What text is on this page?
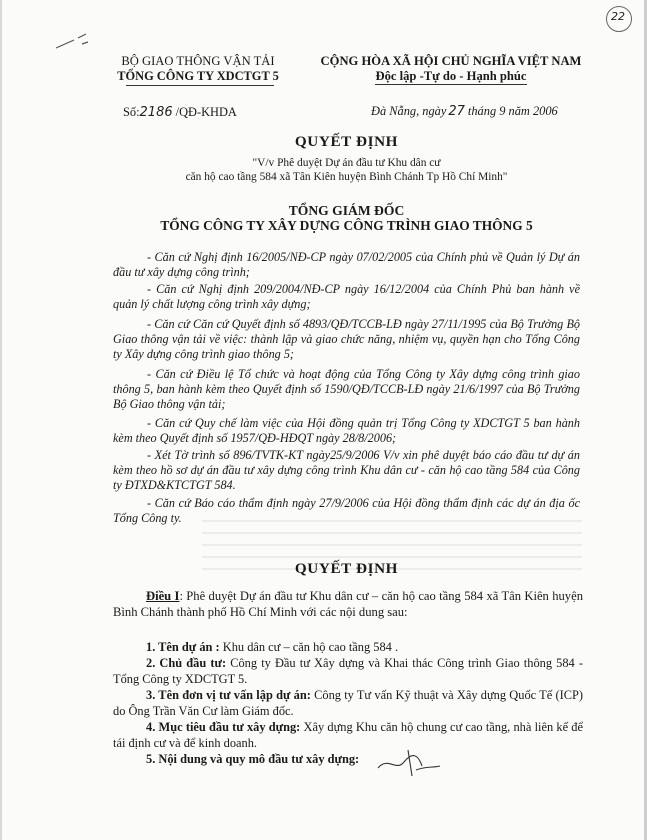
22
BỘ GIAO THÔNG VẬN TẢI
TỔNG CÔNG TY XDCTGT 5
Số:2186 /QĐ-KHDA
CỘNG HÒA XÃ HỘI CHỦ NGHĨA VIỆT NAM
Độc lập -Tự do - Hạnh phúc
Đà Nẵng, ngày 27 tháng 9 năm 2006
QUYẾT ĐỊNH
"V/v Phê duyệt Dự án đầu tư Khu dân cư
căn hộ cao tầng 584 xã Tân Kiên huyện Bình Chánh Tp Hồ Chí Minh"
TỔNG GIÁM ĐỐC
TỔNG CÔNG TY XÂY DỰNG CÔNG TRÌNH GIAO THÔNG 5
- Căn cứ Nghị định 16/2005/NĐ-CP ngày 07/02/2005 của Chính phủ về Quản lý Dự án đầu tư xây dựng công trình;
- Căn cứ Nghị định 209/2004/NĐ-CP ngày 16/12/2004 của Chính Phủ ban hành về quản lý chất lượng công trình xây dựng;
- Căn cứ Căn cứ Quyết định số 4893/QĐ/TCCB-LĐ ngày 27/11/1995 của Bộ Trưởng Bộ Giao thông vận tải về việc: thành lập và giao chức năng, nhiệm vụ, quyền hạn cho Tổng Công ty Xây dựng công trình giao thông 5;
- Căn cứ Điều lệ Tổ chức và hoạt động của Tổng Công ty Xây dựng công trình giao thông 5, ban hành kèm theo Quyết định số 1590/QĐ/TCCB-LĐ ngày 21/6/1997 của Bộ Trưởng Bộ Giao thông vận tải;
- Căn cứ Quy chế làm việc của Hội đồng quản trị Tổng Công ty XDCTGT 5 ban hành kèm theo Quyết định số 1957/QĐ-HĐQT ngày 28/8/2006;
- Xét Tờ trình số 896/TVTK-KT ngày25/9/2006 V/v xin phê duyệt báo cáo đầu tư dự án kèm theo hồ sơ dự án đầu tư xây dựng công trình Khu dân cư - căn hộ cao tầng 584 của Công ty ĐTXD&KTCTGT 584.
- Căn cứ Báo cáo thẩm định ngày 27/9/2006 của Hội đồng thẩm định các dự án địa ốc Tổng Công ty.
QUYẾT ĐỊNH
Điều I: Phê duyệt Dự án đầu tư Khu dân cư – căn hộ cao tầng 584 xã Tân Kiên huyện Bình Chánh thành phố Hồ Chí Minh với các nội dung sau:
1. Tên dự án : Khu dân cư – căn hộ cao tầng 584 .
2. Chủ đầu tư: Công ty Đầu tư Xây dựng và Khai thác Công trình Giao thông 584 - Tổng Công ty XDCTGT 5.
3. Tên đơn vị tư vấn lập dự án: Công ty Tư vấn Kỹ thuật và Xây dựng Quốc Tế (ICP) do Ông Trần Văn Cư làm Giám đốc.
4. Mục tiêu đầu tư xây dựng: Xây dựng Khu căn hộ chung cư cao tầng, nhà liên kế để tái định cư và để kinh doanh.
5. Nội dung và quy mô đầu tư xây dựng:
